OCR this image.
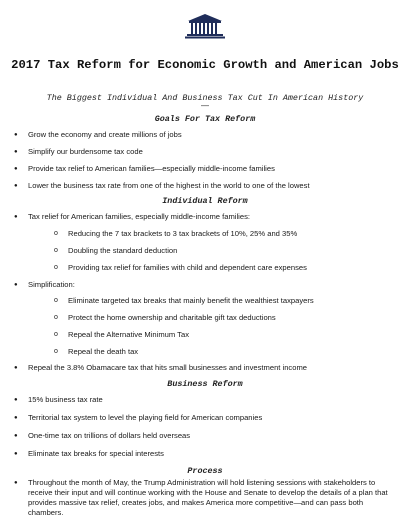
2017 Tax Reform for Economic Growth and American Jobs

The Biggest Individual And Business Tax Cut In American History

—
Goals For Tax Reform
● Grow the economy and create millions of jobs
● Simplify our burdensome tax code
● Provide tax relief to American families—especially middle-income families
● Lower the business tax rate from one of the highest in the world to one of the lowest
Individual Reform
● Tax relief for American families, especially middle-income families:
o Reducing the 7 tax brackets to 3 tax brackets of 10%, 25% and 35%
o Doubling the standard deduction
o Providing tax relief for families with child and dependent care expenses
● Simplification:
o Eliminate targeted tax breaks that mainly benefit the wealthiest taxpayers
o Protect the home ownership and charitable gift tax deductions
o Repeal the Alternative Minimum Tax
o Repeal the death tax
● Repeal the 3.8% Obamacare tax that hits small businesses and investment income
Business Reform
● 15% business tax rate
● Territorial tax system to level the playing field for American companies
● One-time tax on trillions of dollars held overseas
● Eliminate tax breaks for special interests
Process
● Throughout the month of May, the Trump Administration will hold listening sessions with stakeholders to receive their input and will continue working with the House and Senate to develop the details of a plan that provides massive tax relief, creates jobs, and makes America more competitive—and can pass both chambers.
